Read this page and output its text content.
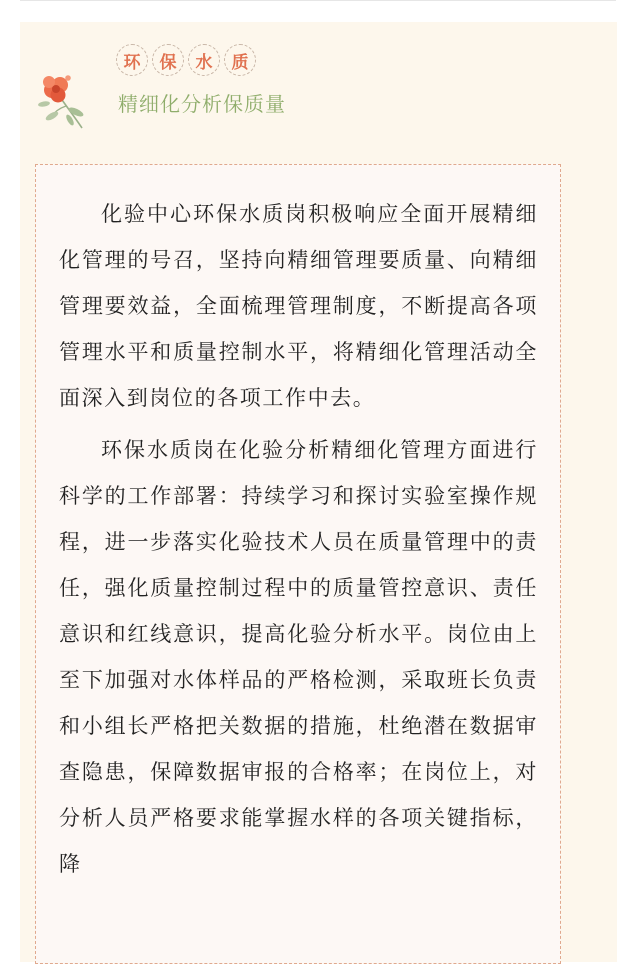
环	保	水	质
精细化分析保质量

化验中心环保水质岗积极响应全面开展精细化管理的号召，坚持向精细管理要质量、向精细管理要效益，全面梳理管理制度，不断提高各项管理水平和质量控制水平，将精细化管理活动全面深入到岗位的各项工作中去。

环保水质岗在化验分析精细化管理方面进行科学的工作部署：持续学习和探讨实验室操作规程，进一步落实化验技术人员在质量管理中的责任，强化质量控制过程中的质量管控意识、责任意识和红线意识，提高化验分析水平。岗位由上至下加强对水体样品的严格检测，采取班长负责和小组长严格把关数据的措施，杜绝潜在数据审查隐患，保障数据审报的合格率；在岗位上，对分析人员严格要求能掌握水样的各项关键指标，降
